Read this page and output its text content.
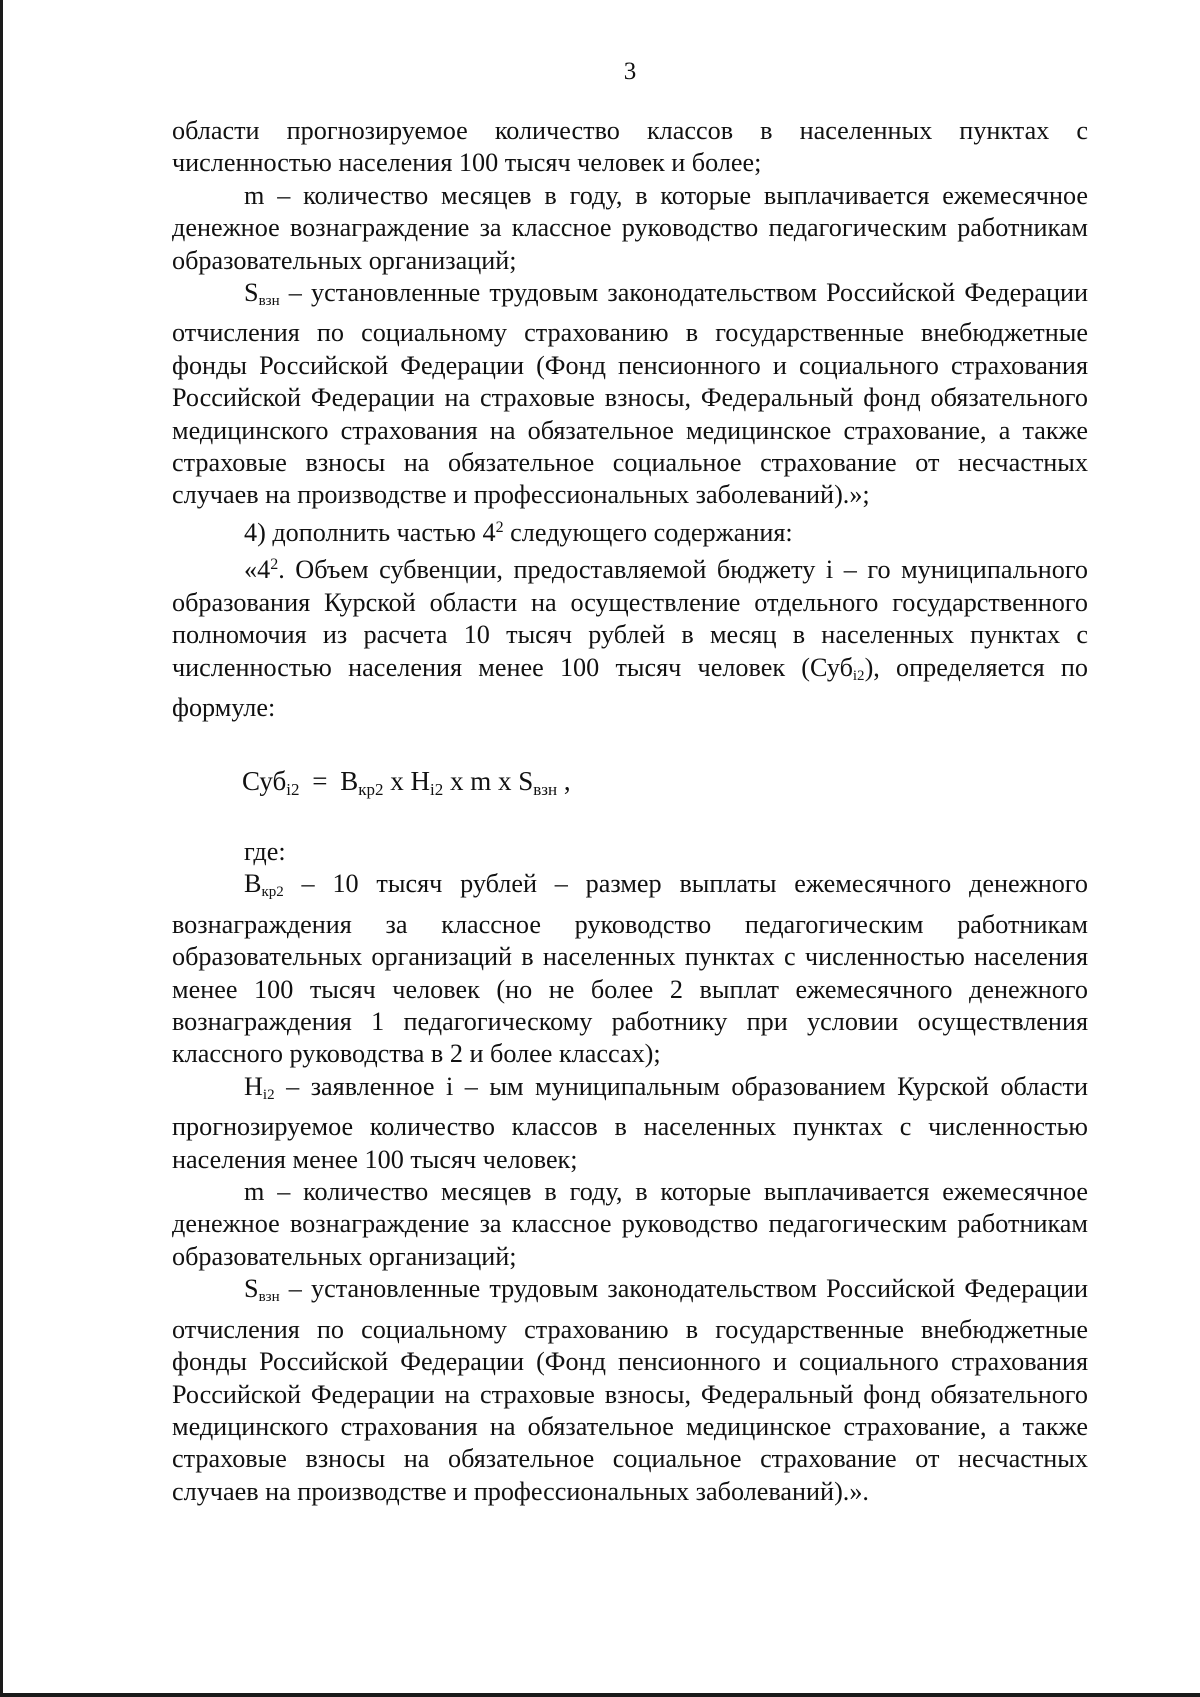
3

области прогнозируемое количество классов в населенных пунктах с численностью населения 100 тысяч человек и более;

m – количество месяцев в году, в которые выплачивается ежемесячное денежное вознаграждение за классное руководство педагогическим работникам образовательных организаций;

$S_{взн}$ – установленные трудовым законодательством Российской Федерации отчисления по социальному страхованию в государственные внебюджетные фонды Российской Федерации (Фонд пенсионного и социального страхования Российской Федерации на страховые взносы, Федеральный фонд обязательного медицинского страхования на обязательное медицинское страхование, а также страховые взносы на обязательное социальное страхование от несчастных случаев на производстве и профессиональных заболеваний).»;

4) дополнить частью $4^2$ следующего содержания:

«$4^2$. Объем субвенции, предоставляемой бюджету i – го муниципального образования Курской области на осуществление отдельного государственного полномочия из расчета 10 тысяч рублей в месяц в населенных пунктах с численностью населения менее 100 тысяч человек (Суб$_{i2}$), определяется по формуле:

$Суб_{i2} = В_{кр2}$ х $Н_{i2}$ х m х $S_{взн}$ ,

где:

$В_{кр2} - 10$ тысяч рублей – размер выплаты ежемесячного денежного вознаграждения за классное руководство педагогическим работникам образовательных организаций в населенных пунктах с численностью населения менее 100 тысяч человек (но не более 2 выплат ежемесячного денежного вознаграждения 1 педагогическому работнику при условии осуществления классного руководства в 2 и более классах);

$Н_{i2}$ – заявленное i – ым муниципальным образованием Курской области прогнозируемое количество классов в населенных пунктах с численностью населения менее 100 тысяч человек;

m – количество месяцев в году, в которые выплачивается ежемесячное денежное вознаграждение за классное руководство педагогическим работникам образовательных организаций;

$S_{взн}$ – установленные трудовым законодательством Российской Федерации отчисления по социальному страхованию в государственные внебюджетные фонды Российской Федерации (Фонд пенсионного и социального страхования Российской Федерации на страховые взносы, Федеральный фонд обязательного медицинского страхования на обязательное медицинское страхование, а также страховые взносы на обязательное социальное страхование от несчастных случаев на производстве и профессиональных заболеваний).».
